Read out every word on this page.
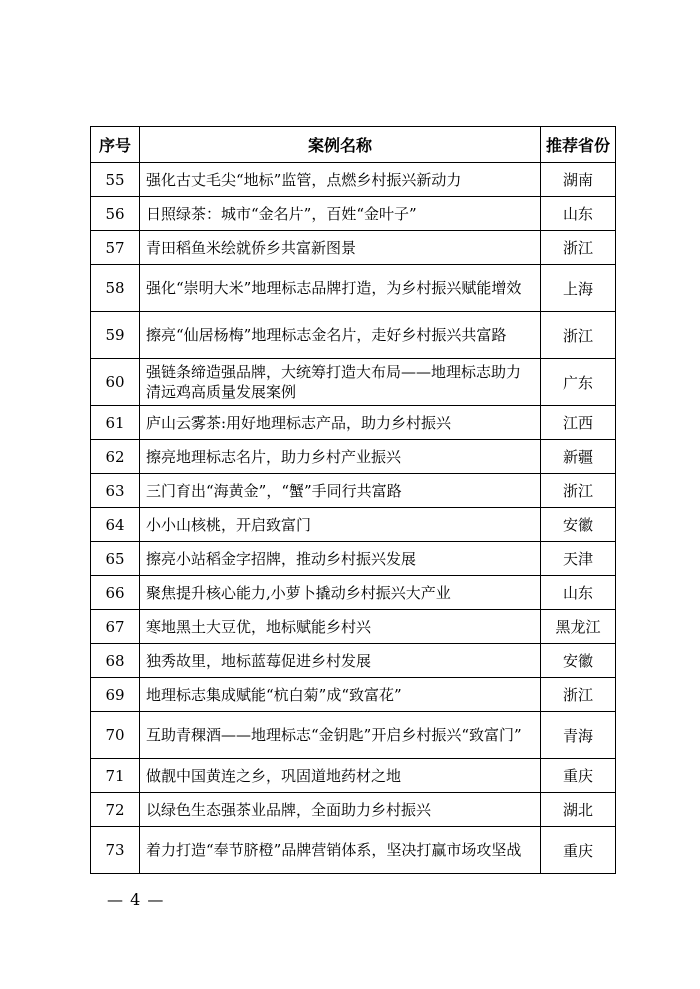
序号	案例名称	推荐省份
55	强化古丈毛尖“地标”监管，点燃乡村振兴新动力	湖南
56	日照绿茶：城市“金名片”，百姓“金叶子”	山东
57	青田稻鱼米绘就侨乡共富新图景	浙江
58	强化“崇明大米”地理标志品牌打造，为乡村振兴赋能增效	上海
59	擦亮“仙居杨梅”地理标志金名片，走好乡村振兴共富路	浙江
60	强链条缔造强品牌，大统筹打造大布局——地理标志助力清远鸡高质量发展案例	广东
61	庐山云雾茶:用好地理标志产品，助力乡村振兴	江西
62	擦亮地理标志名片，助力乡村产业振兴	新疆
63	三门育出“海黄金”，“蟹”手同行共富路	浙江
64	小小山核桃，开启致富门	安徽
65	擦亮小站稻金字招牌，推动乡村振兴发展	天津
66	聚焦提升核心能力,小萝卜撬动乡村振兴大产业	山东
67	寒地黑土大豆优，地标赋能乡村兴	黑龙江
68	独秀故里，地标蓝莓促进乡村发展	安徽
69	地理标志集成赋能“杭白菊”成“致富花”	浙江
70	互助青稞酒——地理标志“金钥匙”开启乡村振兴“致富门”	青海
71	做靓中国黄连之乡，巩固道地药材之地	重庆
72	以绿色生态强茶业品牌，全面助力乡村振兴	湖北
73	着力打造“奉节脐橙”品牌营销体系，坚决打赢市场攻坚战	重庆
— 4 —
